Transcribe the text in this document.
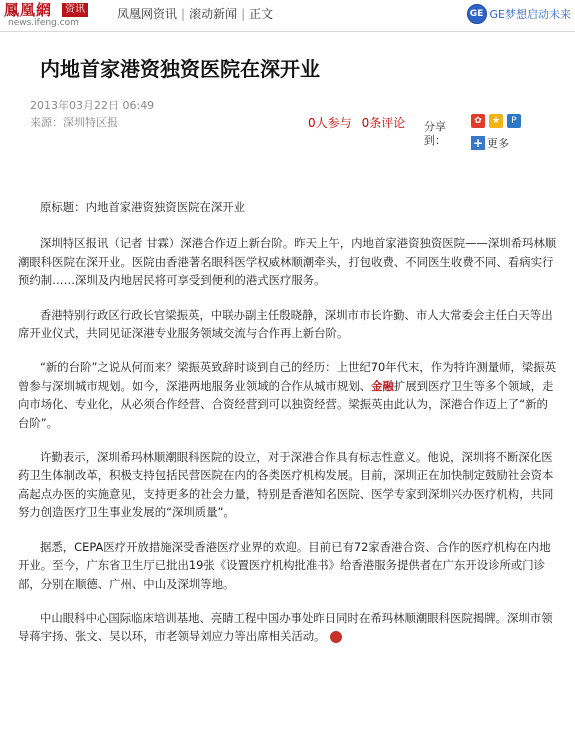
鳳凰網	资讯
news.ifeng.com
凤凰网资讯 | 滚动新闻 | 正文	GE GE梦想启动未来
内地首家港资独资医院在深开业
2013年03月22日 06:49
来源：深圳特区报	0人参与 0条评论	分享到：
✿	★	P
+ 更多

原标题：内地首家港资独资医院在深开业

深圳特区报讯（记者 甘霖）深港合作迈上新台阶。昨天上午，内地首家港资独资医院——深圳希玛林顺潮眼科医院在深开业。医院由香港著名眼科医学权威林顺潮牵头，打包收费、不同医生收费不同、看病实行预约制……深圳及内地居民将可享受到便利的港式医疗服务。

香港特别行政区行政长官梁振英，中联办副主任殷晓静，深圳市市长许勤、市人大常委会主任白天等出席开业仪式，共同见证深港专业服务领域交流与合作再上新台阶。

“新的台阶”之说从何而来？梁振英致辞时谈到自己的经历：上世纪70年代末，作为特许测量师，梁振英曾参与深圳城市规划。如今，深港两地服务业领域的合作从城市规划、金融扩展到医疗卫生等多个领域，走向市场化、专业化，从必须合作经营、合资经营到可以独资经营。梁振英由此认为，深港合作迈上了“新的台阶”。

许勤表示，深圳希玛林顺潮眼科医院的设立，对于深港合作具有标志性意义。他说，深圳将不断深化医药卫生体制改革，积极支持包括民营医院在内的各类医疗机构发展。目前，深圳正在加快制定鼓励社会资本高起点办医的实施意见，支持更多的社会力量，特别是香港知名医院、医学专家到深圳兴办医疗机构，共同努力创造医疗卫生事业发展的“深圳质量”。

据悉，CEPA医疗开放措施深受香港医疗业界的欢迎。目前已有72家香港合资、合作的医疗机构在内地开业。至今，广东省卫生厅已批出19张《设置医疗机构批准书》给香港服务提供者在广东开设诊所或门诊部，分别在顺德、广州、中山及深圳等地。

中山眼科中心国际临床培训基地、亮睛工程中国办事处昨日同时在希玛林顺潮眼科医院揭牌。深圳市领导蒋宇扬、张文、吴以环，市老领导刘应力等出席相关活动。
